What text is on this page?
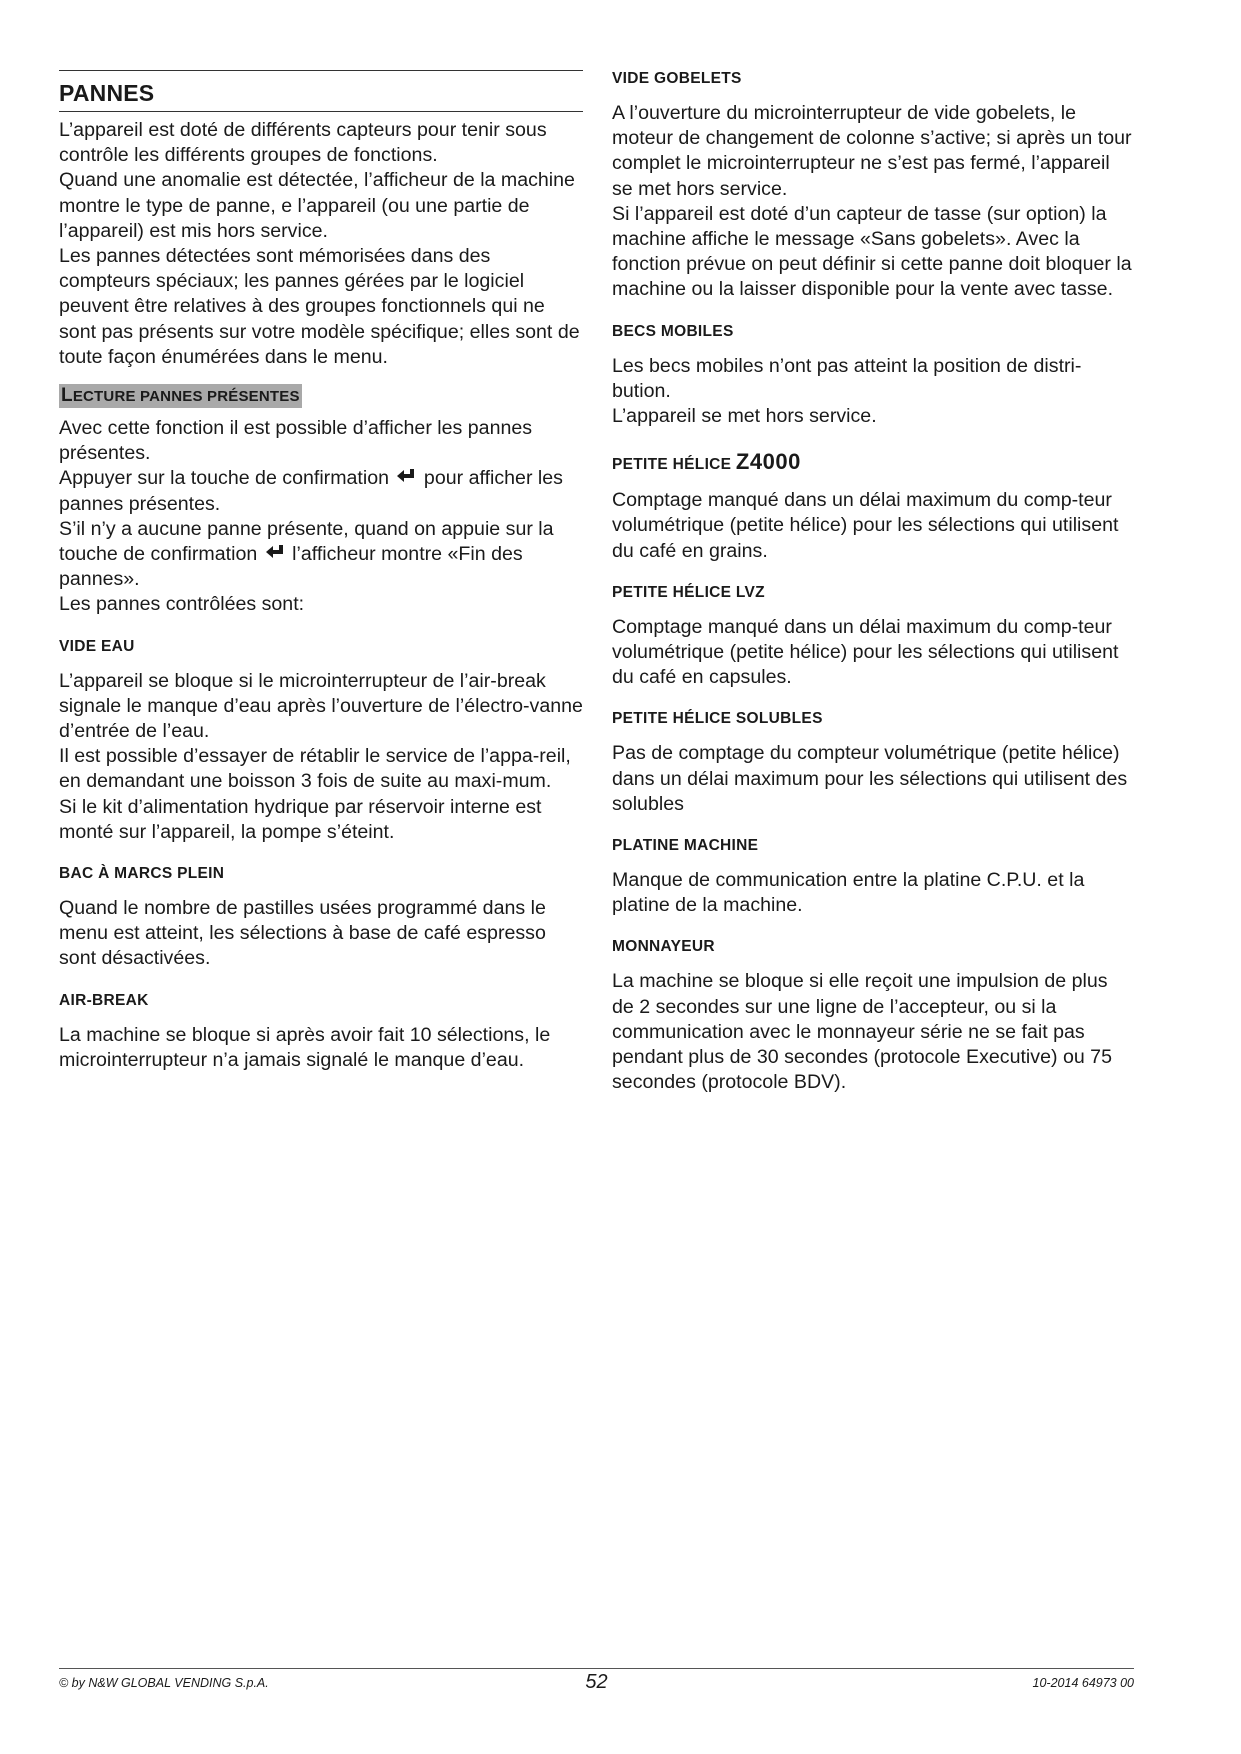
PANNES

L’appareil est doté de différents capteurs pour tenir sous contrôle les différents groupes de fonctions.

Quand une anomalie est détectée, l’afficheur de la machine montre le type de panne, e l’appareil (ou une partie de l’appareil) est mis hors service.

Les pannes détectées sont mémorisées dans des compteurs spéciaux; les pannes gérées par le logiciel peuvent être relatives à des groupes fonctionnels qui ne sont pas présents sur votre modèle spécifique; elles sont de toute façon énumérées dans le menu.

LECTURE PANNES PRÉSENTES

Avec cette fonction il est possible d’afficher les pannes présentes.

Appuyer sur la touche de confirmation pour afficher les pannes présentes.

S’il n’y a aucune panne présente, quand on appuie sur la touche de confirmation l’afficheur montre «Fin des pannes».

Les pannes contrôlées sont:

VIDE EAU

L’appareil se bloque si le microinterrupteur de l’air-break signale le manque d’eau après l’ouverture de l’électro-vanne d’entrée de l’eau.

Il est possible d’essayer de rétablir le service de l’appa-reil, en demandant une boisson 3 fois de suite au maxi-mum.

Si le kit d’alimentation hydrique par réservoir interne est monté sur l’appareil, la pompe s’éteint.

BAC À MARCS PLEIN

Quand le nombre de pastilles usées programmé dans le menu est atteint, les sélections à base de café espresso sont désactivées.

AIR-BREAK

La machine se bloque si après avoir fait 10 sélections, le microinterrupteur n’a jamais signalé le manque d’eau.

VIDE GOBELETS

A l’ouverture du microinterrupteur de vide gobelets, le moteur de changement de colonne s’active; si après un tour complet le microinterrupteur ne s’est pas fermé, l’appareil se met hors service.

Si l’appareil est doté d’un capteur de tasse (sur option) la machine affiche le message «Sans gobelets». Avec la fonction prévue on peut définir si cette panne doit bloquer la machine ou la laisser disponible pour la vente avec tasse.

BECS MOBILES

Les becs mobiles n’ont pas atteint la position de distri-bution.

L’appareil se met hors service.

PETITE HÉLICE Z4000

Comptage manqué dans un délai maximum du comp-teur volumétrique (petite hélice) pour les sélections qui utilisent du café en grains.

PETITE HÉLICE LVZ

Comptage manqué dans un délai maximum du comp-teur volumétrique (petite hélice) pour les sélections qui utilisent du café en capsules.

PETITE HÉLICE SOLUBLES

Pas de comptage du compteur volumétrique (petite hélice) dans un délai maximum pour les sélections qui utilisent des solubles

PLATINE MACHINE

Manque de communication entre la platine C.P.U. et la platine de la machine.

MONNAYEUR

La machine se bloque si elle reçoit une impulsion de plus de 2 secondes sur une ligne de l’accepteur, ou si la communication avec le monnayeur série ne se fait pas pendant plus de 30 secondes (protocole Executive) ou 75 secondes (protocole BDV).

© by N&W GLOBAL VENDING S.p.A.	52	10-2014 64973 00
